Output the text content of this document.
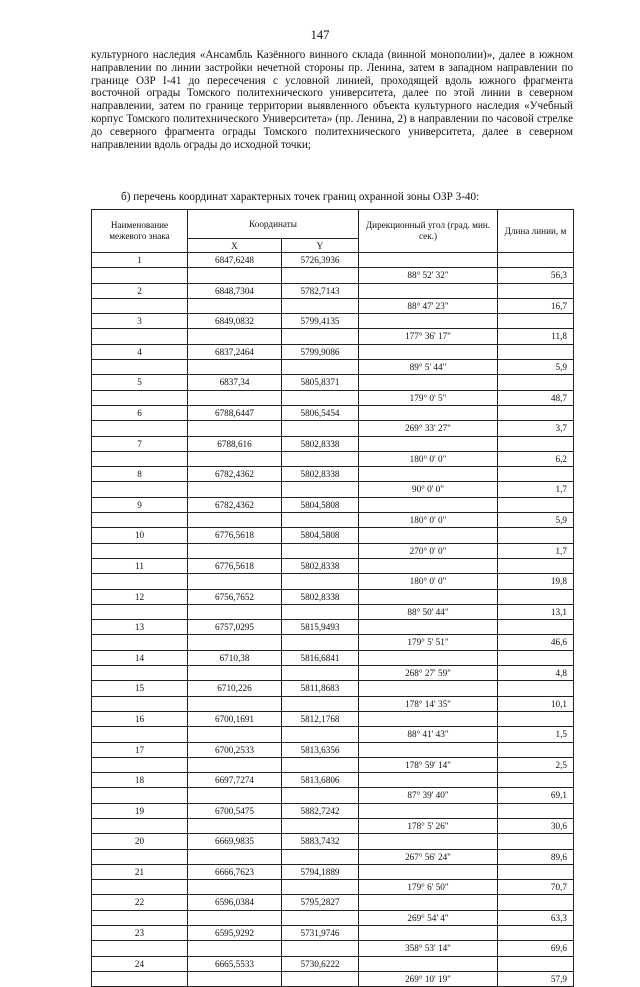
147

культурного наследия «Ансамбль Казённого винного склада (винной монополии)», далее в южном направлении по линии застройки нечетной стороны пр. Ленина, затем в западном направлении по границе ОЗР I-41 до пересечения с условной линией, проходящей вдоль южного фрагмента восточной ограды Томского политехнического университета, далее по этой линии в северном направлении, затем по границе территории выявленного объекта культурного наследия «Учебный корпус Томского политехнического Университета» (пр. Ленина, 2) в направлении по часовой стрелке до северного фрагмента ограды Томского политехнического университета, далее в северном направлении вдоль ограды до исходной точки;

б) перечень координат характерных точек границ охранной зоны ОЗР 3-40:
Наименование межевого знака	Координаты		Дирекционный угол (град. мин. сек.)	Длина линии, м
	X	Y		
1	6847,6248	5726,3936		
			88° 52' 32"	56,3
2	6848,7304	5782,7143		
			88° 47' 23"	16,7
3	6849,0832	5799,4135		
			177° 36' 17"	11,8
4	6837,2464	5799,9086		
			89° 5' 44"	5,9
5	6837,34	5805,8371		
			179° 0' 5"	48,7
6	6788,6447	5806,5454		
			269° 33' 27"	3,7
7	6788,616	5802,8338		
			180° 0' 0"	6,2
8	6782,4362	5802,8338		
			90° 0' 0"	1,7
9	6782,4362	5804,5808		
			180° 0' 0"	5,9
10	6776,5618	5804,5808		
			270° 0' 0"	1,7
11	6776,5618	5802,8338		
			180° 0' 0"	19,8
12	6756,7652	5802,8338		
			88° 50' 44"	13,1
13	6757,0295	5815,9493		
			179° 5' 51"	46,6
14	6710,38	5816,6841		
			268° 27' 59"	4,8
15	6710,226	5811,8683		
			178° 14' 35"	10,1
16	6700,1691	5812,1768		
			88° 41' 43"	1,5
17	6700,2533	5813,6356		
			178° 59' 14"	2,5
18	6697,7274	5813,6806		
			87° 39' 40"	69,1
19	6700,5475	5882,7242		
			178° 5' 26"	30,6
20	6669,9835	5883,7432		
			267° 56' 24"	89,6
21	6666,7623	5794,1889		
			179° 6' 50"	70,7
22	6596,0384	5795,2827		
			269° 54' 4"	63,3
23	6595,9292	5731,9746		
			358° 53' 14"	69,6
24	6665,5533	5730,6222		
			269° 10' 19"	57,9
